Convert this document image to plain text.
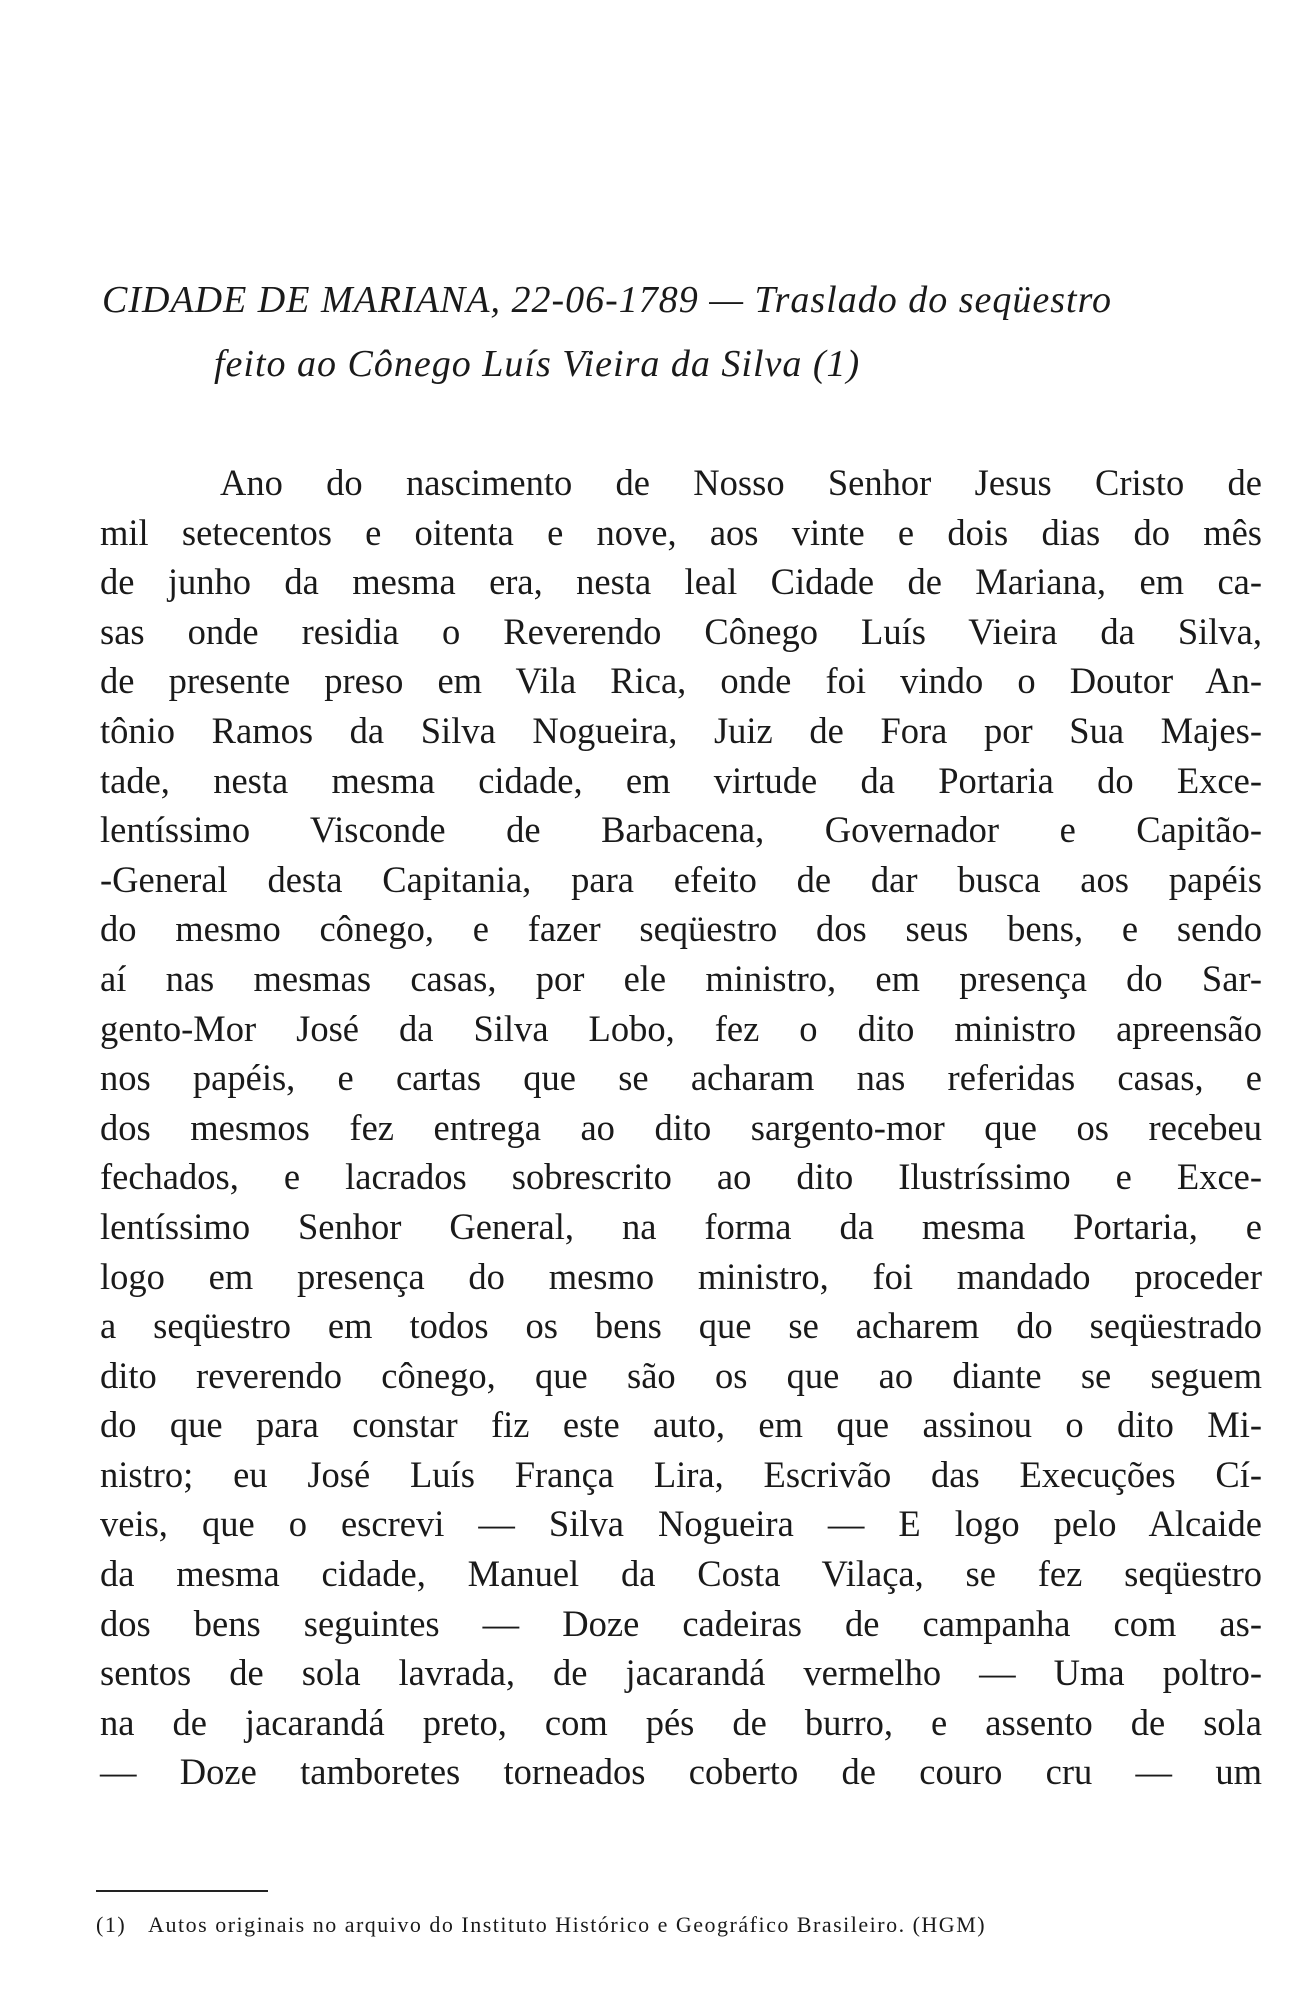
CIDADE DE MARIANA, 22-06-1789 — Traslado do seqüestro
feito ao Cônego Luís Vieira da Silva (1)
Ano do nascimento de Nosso Senhor Jesus Cristo de
mil setecentos e oitenta e nove, aos vinte e dois dias do mês
de junho da mesma era, nesta leal Cidade de Mariana, em ca-
sas onde residia o Reverendo Cônego Luís Vieira da Silva,
de presente preso em Vila Rica, onde foi vindo o Doutor An-
tônio Ramos da Silva Nogueira, Juiz de Fora por Sua Majes-
tade, nesta mesma cidade, em virtude da Portaria do Exce-
lentíssimo Visconde de Barbacena, Governador e Capitão-
-General desta Capitania, para efeito de dar busca aos papéis
do mesmo cônego, e fazer seqüestro dos seus bens, e sendo
aí nas mesmas casas, por ele ministro, em presença do Sar-
gento-Mor José da Silva Lobo, fez o dito ministro apreensão
nos papéis, e cartas que se acharam nas referidas casas, e
dos mesmos fez entrega ao dito sargento-mor que os recebeu
fechados, e lacrados sobrescrito ao dito Ilustríssimo e Exce-
lentíssimo Senhor General, na forma da mesma Portaria, e
logo em presença do mesmo ministro, foi mandado proceder
a seqüestro em todos os bens que se acharem do seqüestrado
dito reverendo cônego, que são os que ao diante se seguem
do que para constar fiz este auto, em que assinou o dito Mi-
nistro; eu José Luís França Lira, Escrivão das Execuções Cí-
veis, que o escrevi — Silva Nogueira — E logo pelo Alcaide
da mesma cidade, Manuel da Costa Vilaça, se fez seqüestro
dos bens seguintes — Doze cadeiras de campanha com as-
sentos de sola lavrada, de jacarandá vermelho — Uma poltro-
na de jacarandá preto, com pés de burro, e assento de sola
— Doze tamboretes torneados coberto de couro cru — um
(1) Autos originais no arquivo do Instituto Histórico e Geográfico Brasileiro. (HGM)
